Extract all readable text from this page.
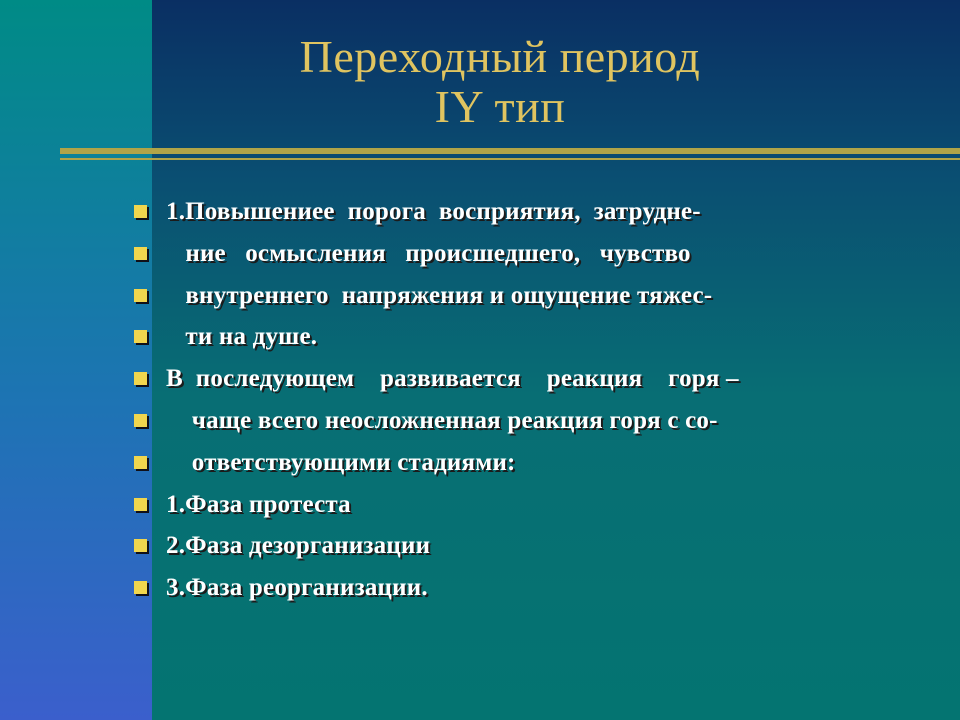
Переходный период
IY тип
1.Повышениее  порога  восприятия,  затрудне-
ние   осмысления   происшедшего,   чувство
внутреннего  напряжения и ощущение тяжес-
ти на душе.
В  последующем    развивается    реакция    горя –
чаще всего неосложненная реакция горя с со-
ответствующими стадиями:
1.Фаза протеста
2.Фаза дезорганизации
3.Фаза реорганизации.
